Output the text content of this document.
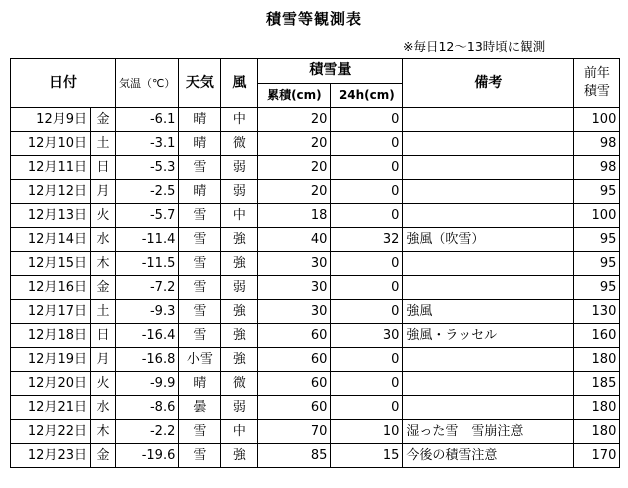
積雪等観測表
※毎日12〜13時頃に観測
日付		気温（℃）	天気	風	積雪量		備考	前年
積雪

					累積(cm)	24h(cm)		
12月9日	金	-6.1	晴	中	20	0		100
12月10日	土	-3.1	晴	微	20	0		98
12月11日	日	-5.3	雪	弱	20	0		98
12月12日	月	-2.5	晴	弱	20	0		95
12月13日	火	-5.7	雪	中	18	0		100
12月14日	水	-11.4	雪	強	40	32	強風（吹雪）	95
12月15日	木	-11.5	雪	強	30	0		95
12月16日	金	-7.2	雪	弱	30	0		95
12月17日	土	-9.3	雪	強	30	0	強風	130
12月18日	日	-16.4	雪	強	60	30	強風・ラッセル	160
12月19日	月	-16.8	小雪	強	60	0		180
12月20日	火	-9.9	晴	微	60	0		185
12月21日	水	-8.6	曇	弱	60	0		180
12月22日	木	-2.2	雪	中	70	10	湿った雪　雪崩注意	180
12月23日	金	-19.6	雪	強	85	15	今後の積雪注意	170
